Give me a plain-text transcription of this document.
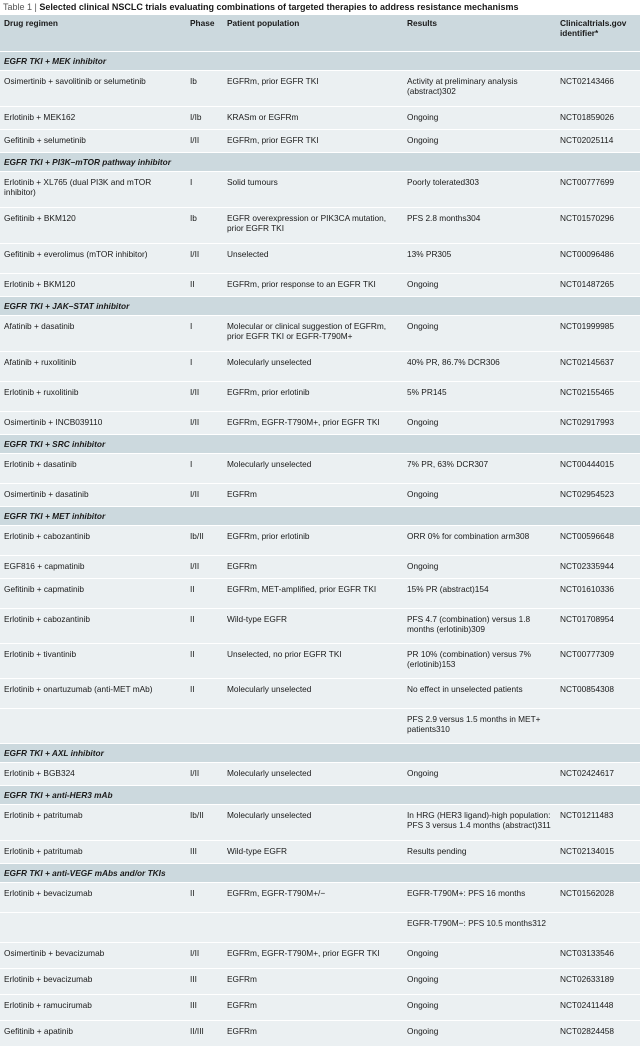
Table 1 | Selected clinical NSCLC trials evaluating combinations of targeted therapies to address resistance mechanisms
Drug regimen	Phase	Patient population	Results	Clinicaltrials.gov identifier*
EGFR TKI + MEK inhibitor				
Osimertinib + savolitinib or selumetinib	Ib	EGFRm, prior EGFR TKI	Activity at preliminary analysis (abstract)302	NCT02143466
Erlotinib + MEK162	I/Ib	KRASm or EGFRm	Ongoing	NCT01859026
Gefitinib + selumetinib	I/II	EGFRm, prior EGFR TKI	Ongoing	NCT02025114
EGFR TKI + PI3K–mTOR pathway inhibitor				
Erlotinib + XL765 (dual PI3K and mTOR inhibitor)	I	Solid tumours	Poorly tolerated303	NCT00777699
Gefitinib + BKM120	Ib	EGFR overexpression or PIK3CA mutation, prior EGFR TKI	PFS 2.8 months304	NCT01570296
Gefitinib + everolimus (mTOR inhibitor)	I/II	Unselected	13% PR305	NCT00096486
Erlotinib + BKM120	II	EGFRm, prior response to an EGFR TKI	Ongoing	NCT01487265
EGFR TKI + JAK–STAT inhibitor				
Afatinib + dasatinib	I	Molecular or clinical suggestion of EGFRm, prior EGFR TKI or EGFR-T790M+	Ongoing	NCT01999985
Afatinib + ruxolitinib	I	Molecularly unselected	40% PR, 86.7% DCR306	NCT02145637
Erlotinib + ruxolitinib	I/II	EGFRm, prior erlotinib	5% PR145	NCT02155465
Osimertinib + INCB039110	I/II	EGFRm, EGFR-T790M+, prior EGFR TKI	Ongoing	NCT02917993
EGFR TKI + SRC inhibitor				
Erlotinib + dasatinib	I	Molecularly unselected	7% PR, 63% DCR307	NCT00444015
Osimertinib + dasatinib	I/II	EGFRm	Ongoing	NCT02954523
EGFR TKI + MET inhibitor				
Erlotinib + cabozantinib	Ib/II	EGFRm, prior erlotinib	ORR 0% for combination arm308	NCT00596648
EGF816 + capmatinib	I/II	EGFRm	Ongoing	NCT02335944
Gefitinib + capmatinib	II	EGFRm, MET-amplified, prior EGFR TKI	15% PR (abstract)154	NCT01610336
Erlotinib + cabozantinib	II	Wild-type EGFR	PFS 4.7 (combination) versus 1.8 months (erlotinib)309	NCT01708954
Erlotinib + tivantinib	II	Unselected, no prior EGFR TKI	PR 10% (combination) versus 7% (erlotinib)153	NCT00777309
Erlotinib + onartuzumab (anti-MET mAb)	II	Molecularly unselected	No effect in unselected patients	NCT00854308
			PFS 2.9 versus 1.5 months in MET+ patients310	
EGFR TKI + AXL inhibitor				
Erlotinib + BGB324	I/II	Molecularly unselected	Ongoing	NCT02424617
EGFR TKI + anti-HER3 mAb				
Erlotinib + patritumab	Ib/II	Molecularly unselected	In HRG (HER3 ligand)-high population: PFS 3 versus 1.4 months (abstract)311	NCT01211483
Erlotinib + patritumab	III	Wild-type EGFR	Results pending	NCT02134015
EGFR TKI + anti-VEGF mAbs and/or TKIs				
Erlotinib + bevacizumab	II	EGFRm, EGFR-T790M+/−	EGFR-T790M+: PFS 16 months	NCT01562028
			EGFR-T790M−: PFS 10.5 months312	
Osimertinib + bevacizumab	I/II	EGFRm, EGFR-T790M+, prior EGFR TKI	Ongoing	NCT03133546
Erlotinib + bevacizumab	III	EGFRm	Ongoing	NCT02633189
Erlotinib + ramucirumab	III	EGFRm	Ongoing	NCT02411448
Gefitinib + apatinib	II/III	EGFRm	Ongoing	NCT02824458
